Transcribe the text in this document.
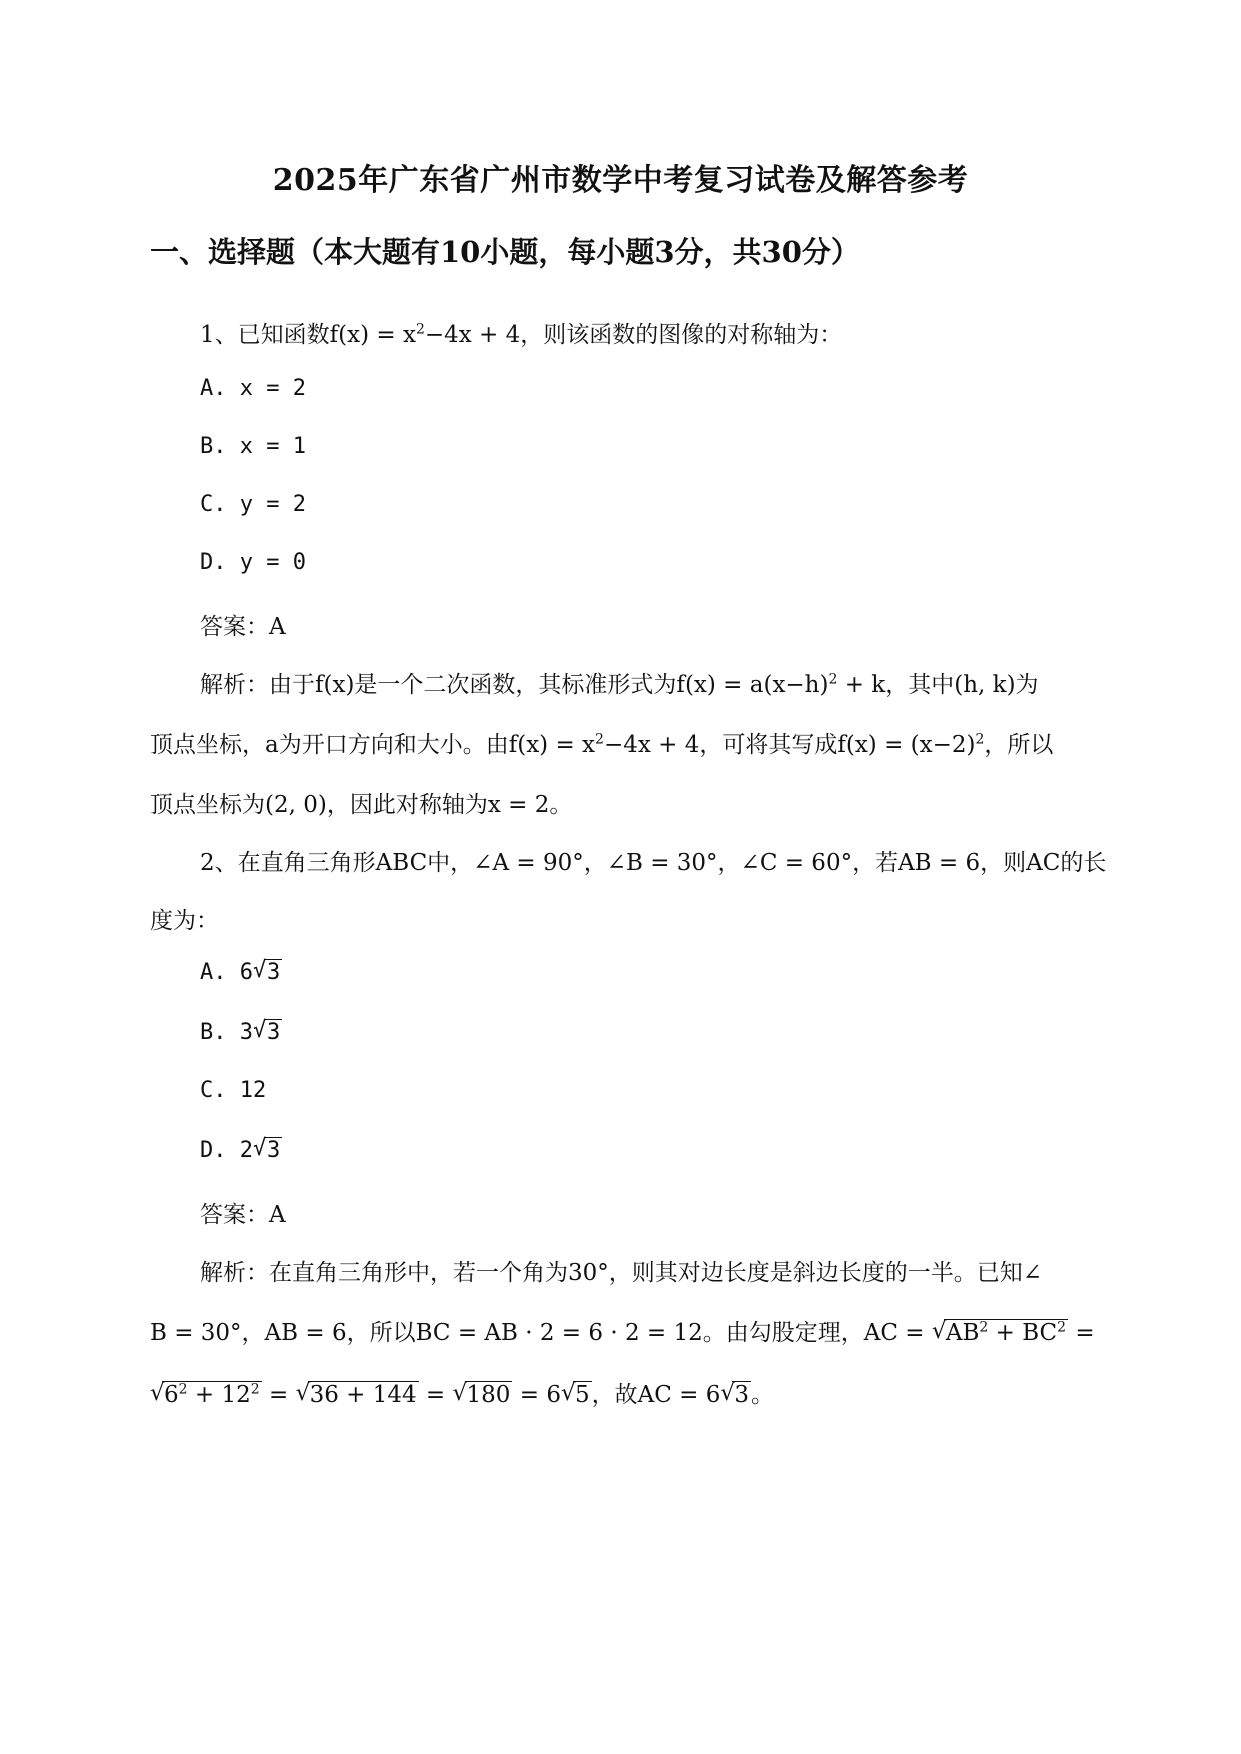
2025年广东省广州市数学中考复习试卷及解答参考
一、选择题（本大题有10小题，每小题3分，共30分）
1、已知函数$f(x) = x^2-4x + 4$，则该函数的图像的对称轴为：
A. x = 2
B. x = 1
C. y = 2
D. y = 0
答案：A
解析：由于f(x)是一个二次函数，其标准形式为$f(x) = a(x-h)^2 + k$，其中(h, k)为
顶点坐标，a为开口方向和大小。由$f(x) = x^2-4x + 4$，可将其写成$f(x) = (x-2)^2$，所以
顶点坐标为(2, 0)，因此对称轴为x = 2。
2、在直角三角形ABC中，∠A = 90°，∠B = 30°，∠C = 60°，若AB = 6，则AC的长
度为：
A. 6 √ 3
B. 3 √ 3
C. 12
D. 2 √ 3
答案：A
解析：在直角三角形中，若一个角为30°，则其对边长度是斜边长度的一半。已知∠
B = 30°，AB = 6，所以BC = AB · 2 = 6 · 2 = 12。由勾股定理，AC = √ $AB^2 + BC^2$ =
√ $6^2 + 12^2$ = √ 36 + 144 = √ 180 = 6 √ 5，故AC = 6 √ 3。
